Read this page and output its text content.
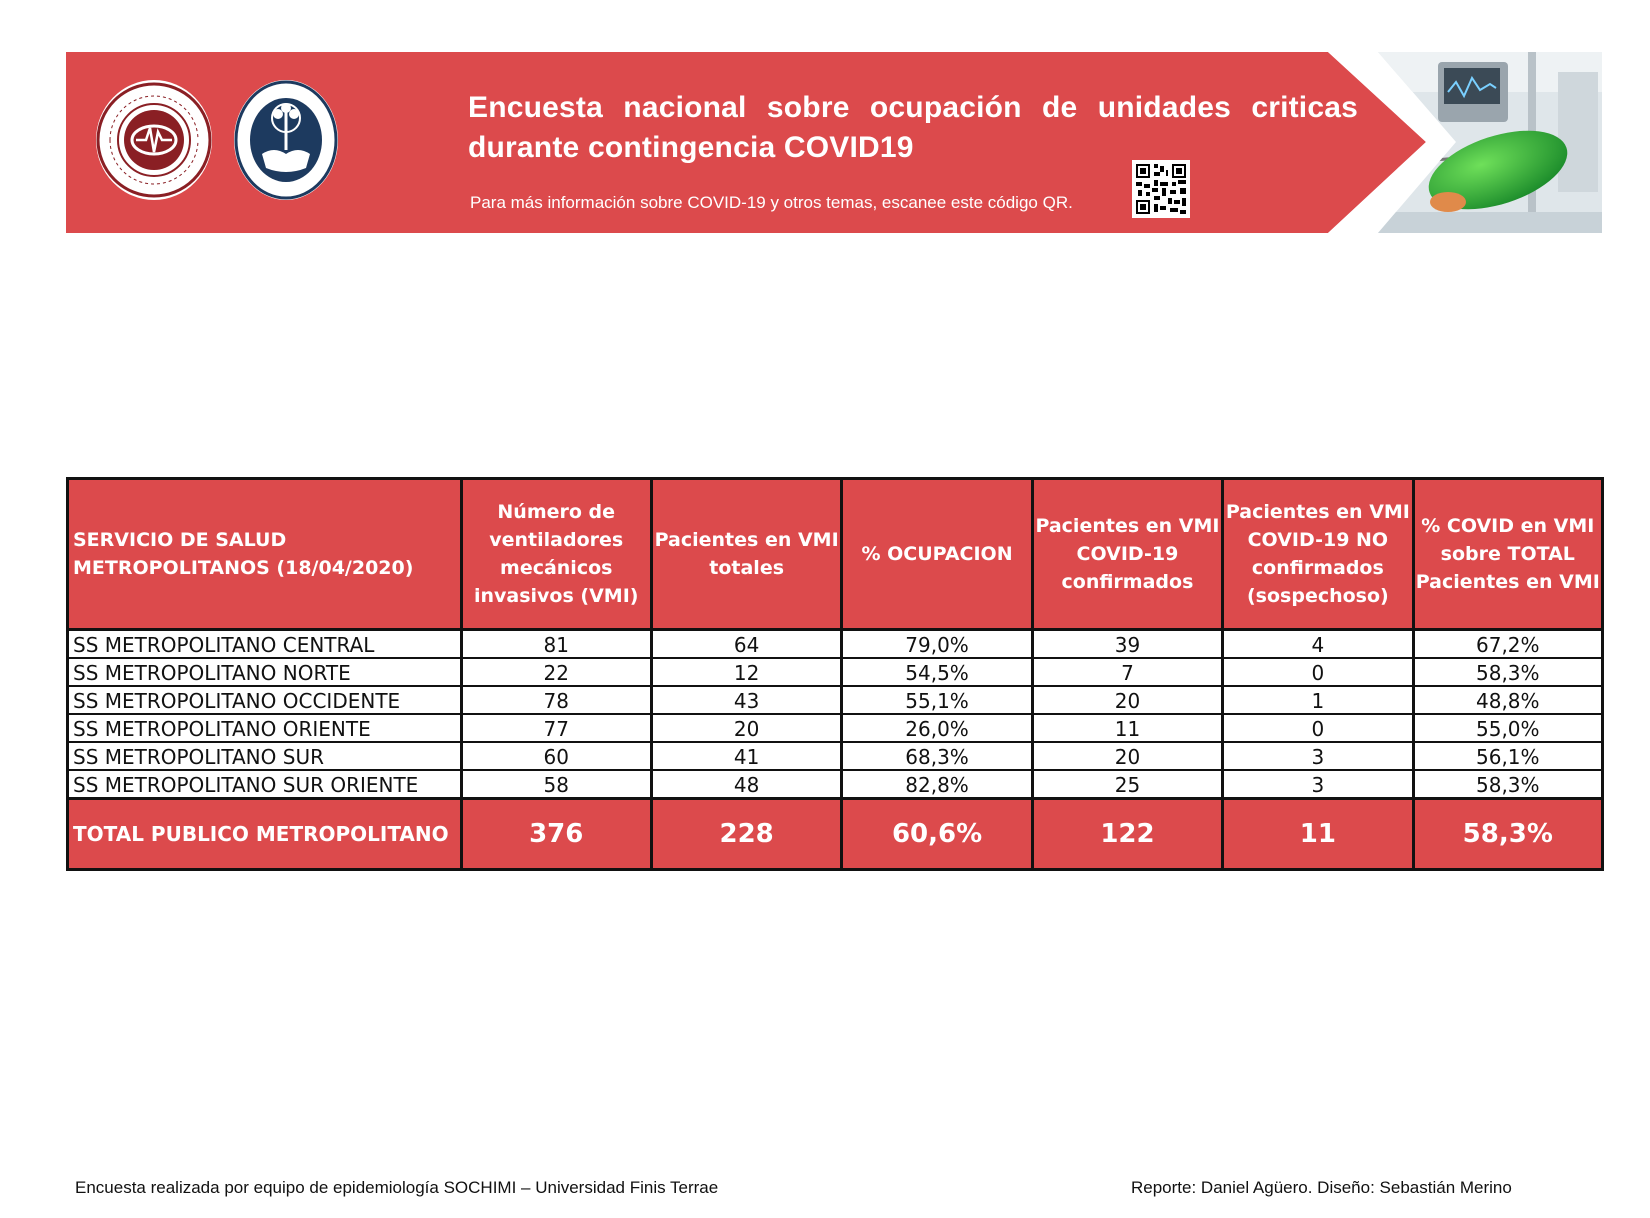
Encuesta nacional sobre ocupación de unidades criticas durante contingencia COVID19
Para más información sobre COVID-19 y otros temas, escanee este código QR.
SERVICIO DE SALUD METROPOLITANOS (18/04/2020)	Número de ventiladores mecánicos invasivos (VMI)	Pacientes en VMI totales	% OCUPACION	Pacientes en VMI COVID-19 confirmados	Pacientes en VMI COVID-19 NO confirmados (sospechoso)	% COVID en VMI sobre TOTAL Pacientes en VMI
SS METROPOLITANO CENTRAL	81	64	79,0%	39	4	67,2%
SS METROPOLITANO NORTE	22	12	54,5%	7	0	58,3%
SS METROPOLITANO OCCIDENTE	78	43	55,1%	20	1	48,8%
SS METROPOLITANO ORIENTE	77	20	26,0%	11	0	55,0%
SS METROPOLITANO SUR	60	41	68,3%	20	3	56,1%
SS METROPOLITANO SUR ORIENTE	58	48	82,8%	25	3	58,3%
TOTAL PUBLICO METROPOLITANO	376	228	60,6%	122	11	58,3%
Encuesta realizada por equipo de epidemiología SOCHIMI – Universidad Finis Terrae	Reporte: Daniel Agüero. Diseño: Sebastián Merino
